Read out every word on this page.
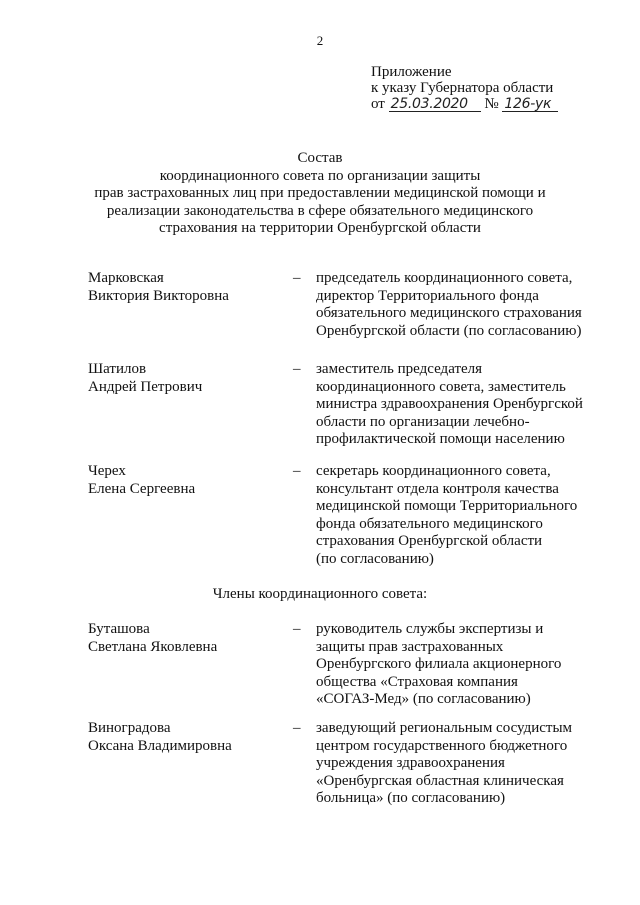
2
Приложение
к указу Губернатора области
от 25.03.2020 № 126-ук
Состав
координационного совета по организации защиты
прав застрахованных лиц при предоставлении медицинской помощи и
реализации законодательства в сфере обязательного медицинского
страхования на территории Оренбургской области
Марковская
Виктория Викторовна
– председатель координационного совета,
директор Территориального фонда
обязательного медицинского страхования
Оренбургской области (по согласованию)
Шатилов
Андрей Петрович
– заместитель председателя
координационного совета, заместитель
министра здравоохранения Оренбургской
области по организации лечебно-
профилактической помощи населению
Черех
Елена Сергеевна
– секретарь координационного совета,
консультант отдела контроля качества
медицинской помощи Территориального
фонда обязательного медицинского
страхования Оренбургской области
(по согласованию)
Члены координационного совета:
Буташова
Светлана Яковлевна
– руководитель службы экспертизы и
защиты прав застрахованных
Оренбургского филиала акционерного
общества «Страховая компания
«СОГАЗ-Мед» (по согласованию)
Виноградова
Оксана Владимировна
– заведующий региональным сосудистым
центром государственного бюджетного
учреждения здравоохранения
«Оренбургская областная клиническая
больница» (по согласованию)
